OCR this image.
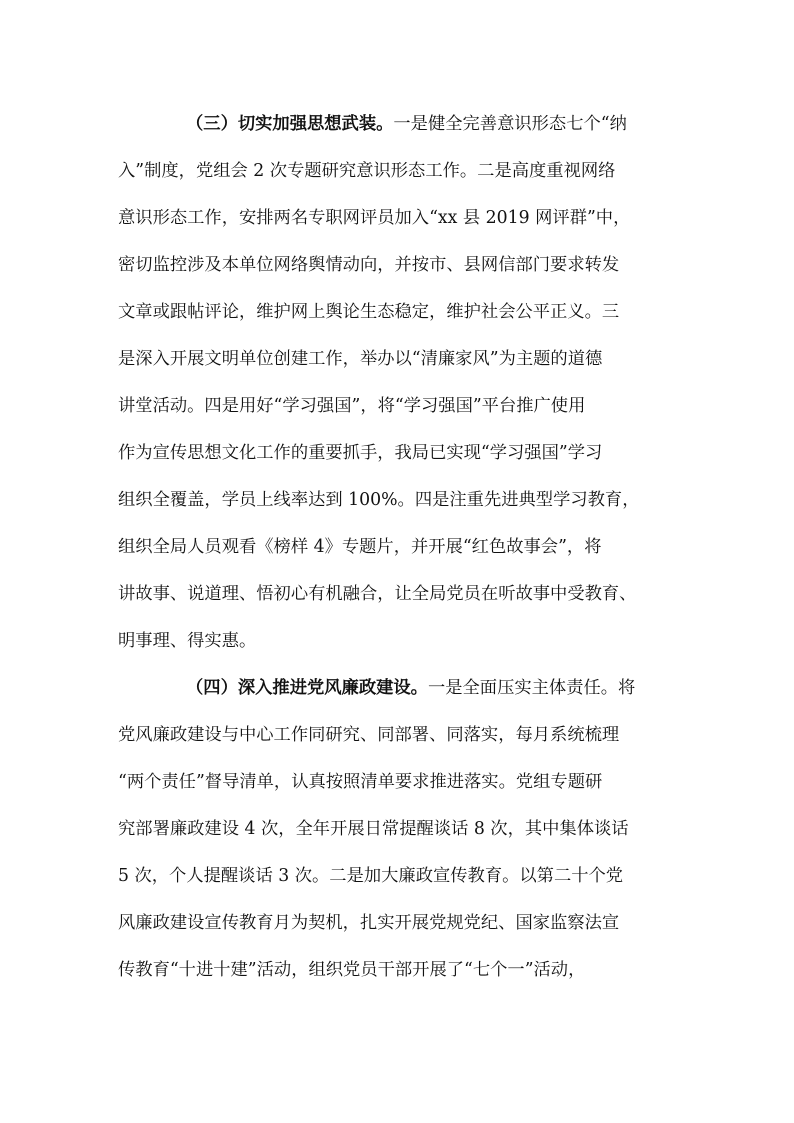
（三）切实加强思想武装。一是健全完善意识形态七个“纳
入”制度，党组会 2 次专题研究意识形态工作。二是高度重视网络
意识形态工作，安排两名专职网评员加入“xx 县 2019 网评群”中，
密切监控涉及本单位网络舆情动向，并按市、县网信部门要求转发
文章或跟帖评论，维护网上舆论生态稳定，维护社会公平正义。三
是深入开展文明单位创建工作，举办以“清廉家风”为主题的道德
讲堂活动。四是用好“学习强国”，将“学习强国”平台推广使用
作为宣传思想文化工作的重要抓手，我局已实现“学习强国”学习
组织全覆盖，学员上线率达到 100%。四是注重先进典型学习教育，
组织全局人员观看《榜样 4》专题片，并开展“红色故事会”，将
讲故事、说道理、悟初心有机融合，让全局党员在听故事中受教育、
明事理、得实惠。
（四）深入推进党风廉政建设。一是全面压实主体责任。将
党风廉政建设与中心工作同研究、同部署、同落实，每月系统梳理
“两个责任”督导清单，认真按照清单要求推进落实。党组专题研
究部署廉政建设 4 次，全年开展日常提醒谈话 8 次，其中集体谈话
5 次，个人提醒谈话 3 次。二是加大廉政宣传教育。以第二十个党
风廉政建设宣传教育月为契机，扎实开展党规党纪、国家监察法宣
传教育“十进十建”活动，组织党员干部开展了“七个一”活动，
